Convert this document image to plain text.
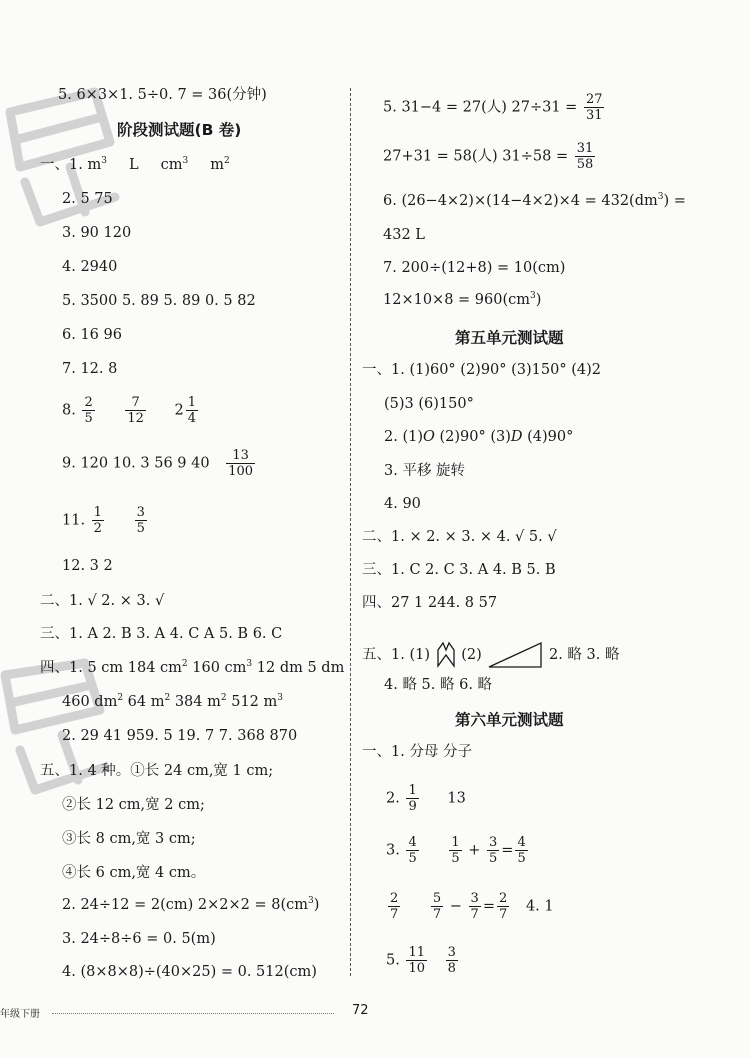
5. 6×3×1. 5÷0. 7 = 36(分钟)
阶段测试题(B 卷)
一、1. $m^3$ L $cm^3$ $m^2$
2. 5 75
3. 90 120
4. 2940
5. 3500 5. 89 5. 89 0. 5 82
6. 16 96
7. 12. 8
8. $\frac{2}{5}$
$\frac{7}{12} 2 \frac{1}{4}$
9. 120 10. 3 56 9 $40 \frac{13}{100}$
11. $\frac{1}{2}$
$\frac{3}{5}$
12. 3 2
二、1. √ 2. × 3. √
三、1. A 2. B 3. A 4. C A 5. B 6. C
四、1. 5 cm 184 $cm^2$ 160 $cm^3$ 12 dm 5 dm
460 $dm^2$ 64 $m^2$ 384 $m^2$ 512 $m^3$
2. 29 41 959. 5 19. 7 7. 368 870
五、1. 4 种。①长 24 cm,宽 1 cm;
②长 12 cm,宽 2 cm;
③长 8 cm,宽 3 cm;
④长 6 cm,宽 4 cm。
2. 24÷12 = 2(cm) $2\times 2\times 2 = 8(cm^3)$
3. 24÷8÷6 = 0. 5(m)
4. (8×8×8)÷(40×25) = 0. 512(cm)
5. 31−4 = 27(人) $27\div 31 = \frac{27}{31}$
27+31 = 58(人) $31\div 58 = \frac{31}{58}$
6. $(26-4\times 2)\times(14-4\times 2)\times 4 = 432(dm^3)$ =
432 L
7. 200÷(12+8) = 10(cm)
$12\times 10\times 8 = 960(cm^3)$
第五单元测试题
一、1. (1)60° (2)90° (3)150° (4)2
(5)3 (6)150°
2. (1)O (2)90° (3)D (4)90°
3. 平移 旋转
4. 90
二、1. × 2. × 3. × 4. √ 5. √
三、1. C 2. C 3. A 4. B 5. B
四、27 1 244. 8 57
五、1. (1)  (2)	2. 略 3. 略
4. 略 5. 略 6. 略
第六单元测试题
一、1. 分母 分子
2. $\frac{1}{9} 13$
3. $\frac{4}{5}$
$\frac{1}{5} + \frac{3}{5} = \frac{4}{5}$
$\frac{2}{7}$
$\frac{5}{7} - \frac{3}{7} = \frac{2}{7} 4$. 1
5. $\frac{11}{10}$
$\frac{3}{8}$
年级下册	72
